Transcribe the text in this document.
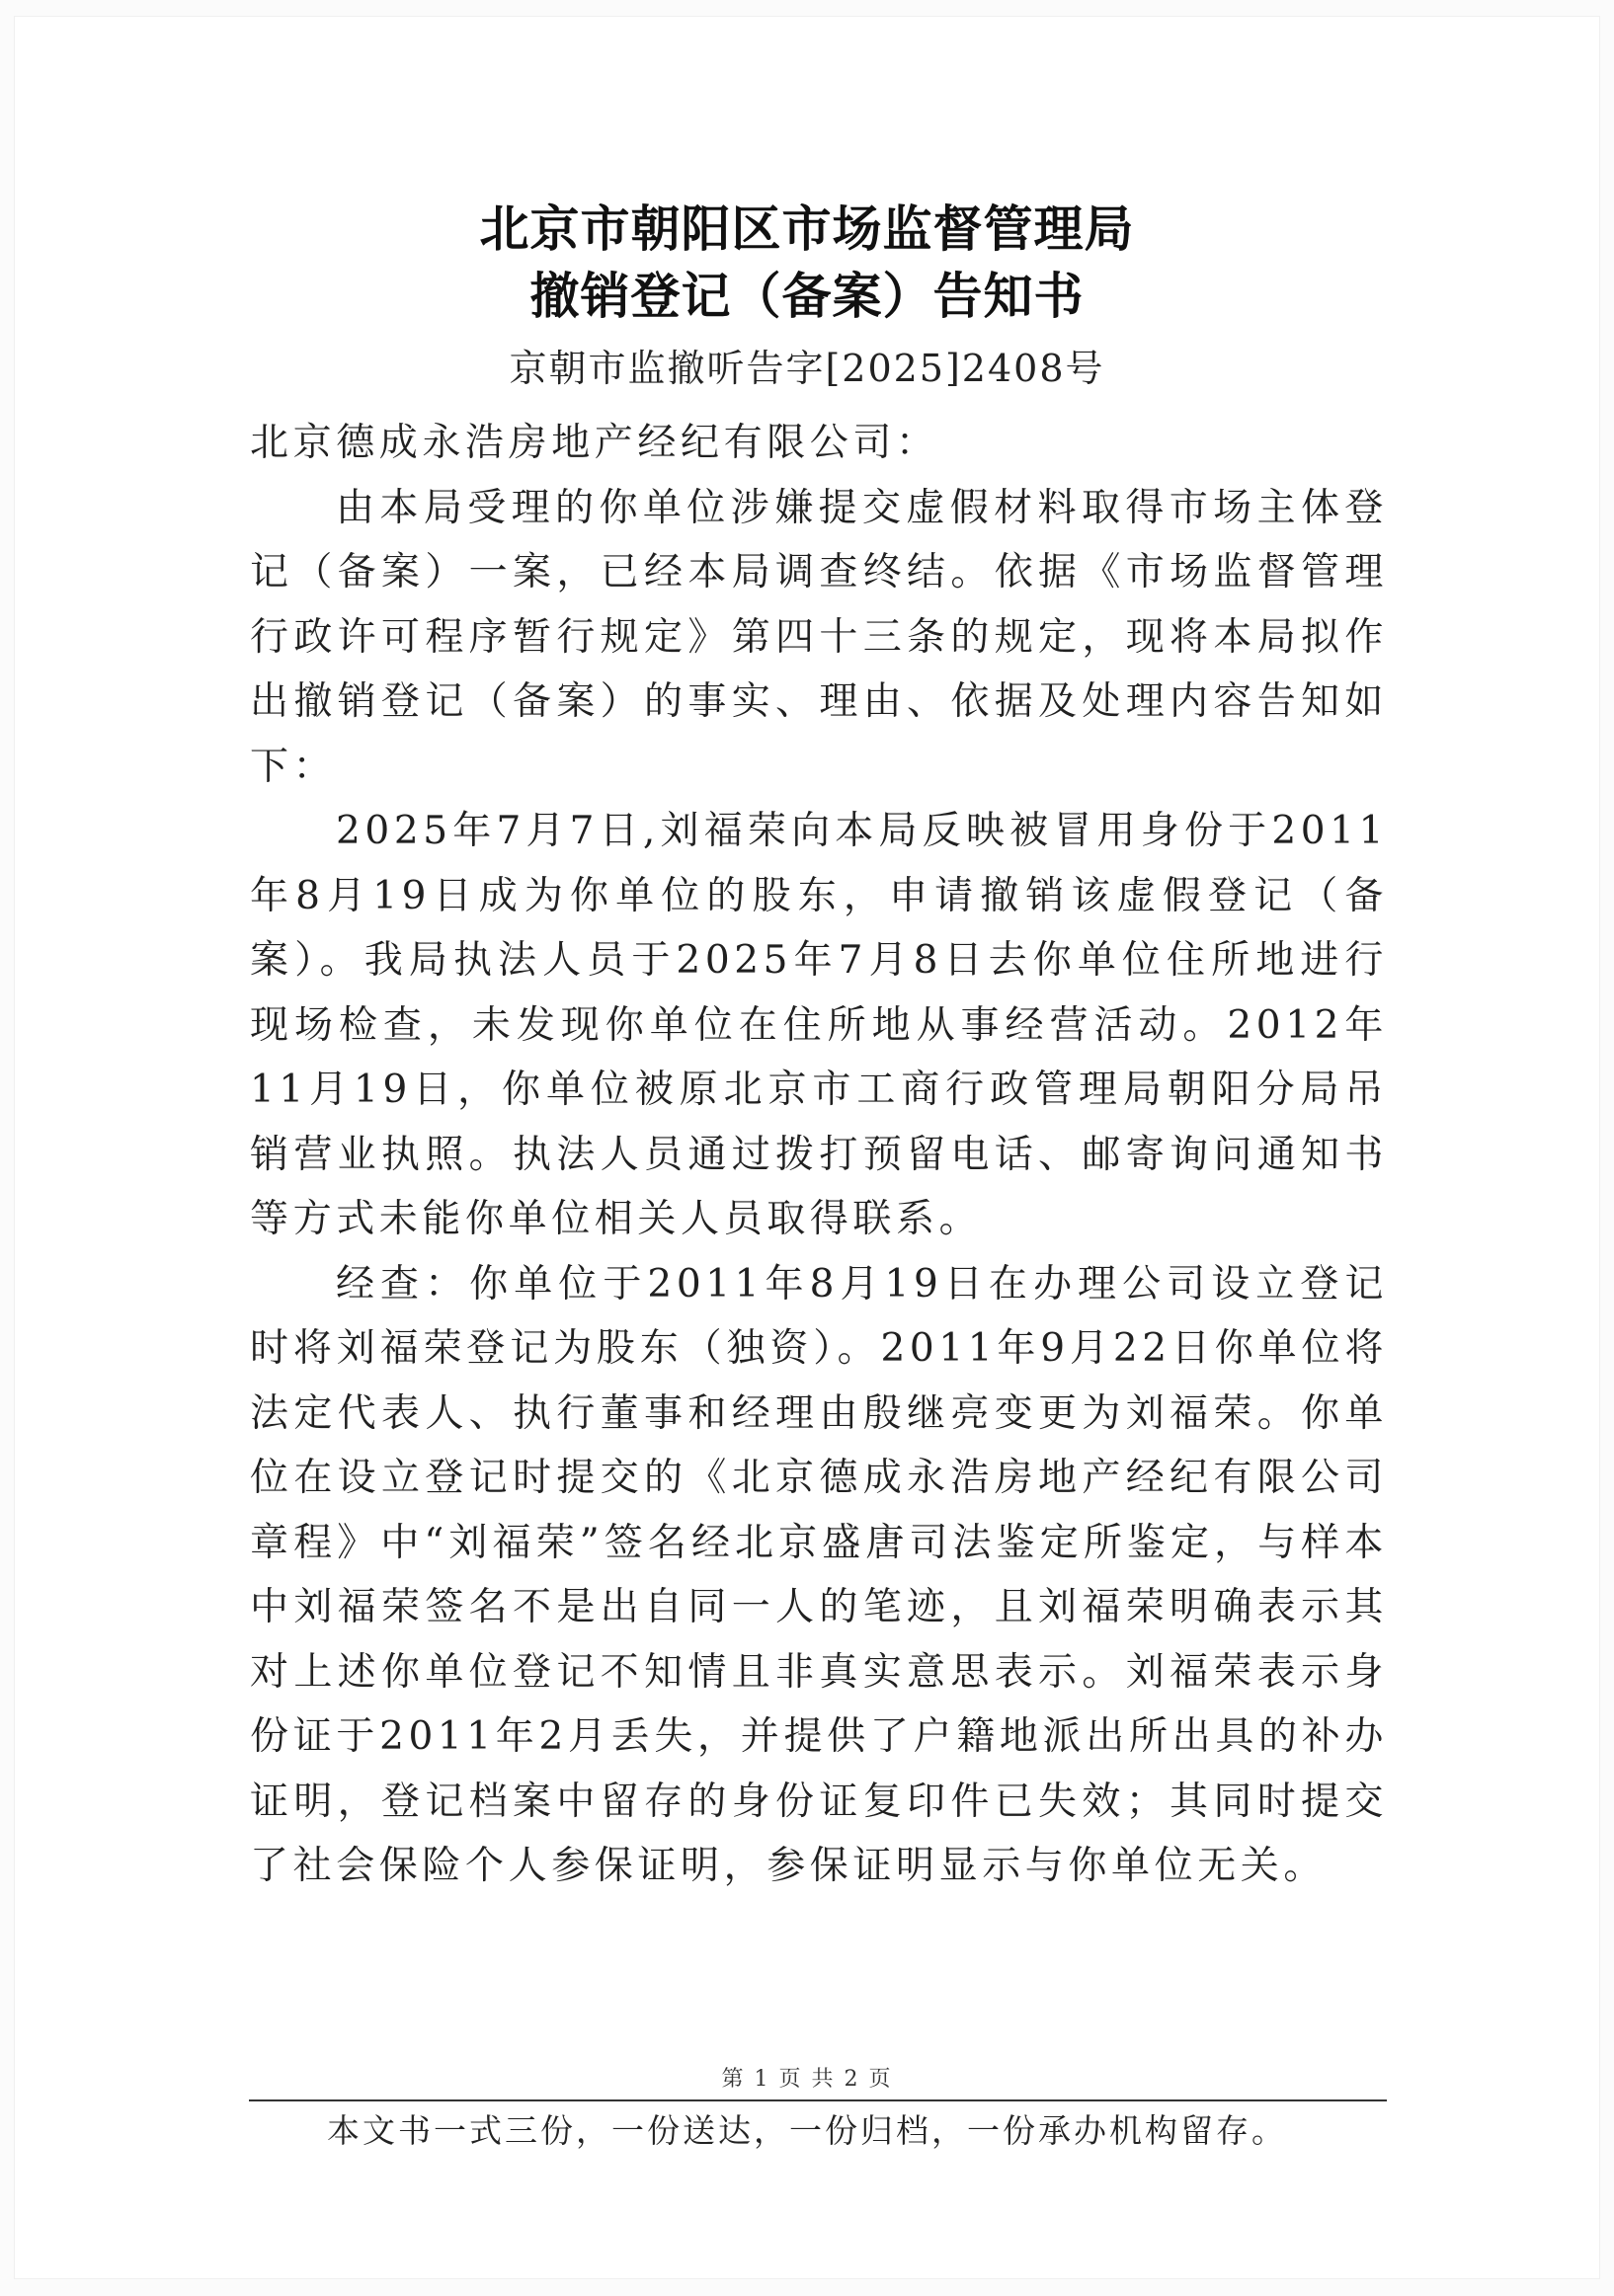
北京市朝阳区市场监督管理局
撤销登记（备案）告知书
京朝市监撤听告字[2025]2408号

北京德成永浩房地产经纪有限公司：

由本局受理的你单位涉嫌提交虚假材料取得市场主体登记（备案）一案，已经本局调查终结。依据《市场监督管理行政许可程序暂行规定》第四十三条的规定，现将本局拟作出撤销登记（备案）的事实、理由、依据及处理内容告知如下：

2025年7月7日,刘福荣向本局反映被冒用身份于2011年8月19日成为你单位的股东，申请撤销该虚假登记（备案）。我局执法人员于2025年7月8日去你单位住所地进行现场检查，未发现你单位在住所地从事经营活动。2012年11月19日，你单位被原北京市工商行政管理局朝阳分局吊销营业执照。执法人员通过拨打预留电话、邮寄询问通知书等方式未能你单位相关人员取得联系。

经查：你单位于2011年8月19日在办理公司设立登记时将刘福荣登记为股东（独资）。2011年9月22日你单位将法定代表人、执行董事和经理由殷继亮变更为刘福荣。你单位在设立登记时提交的《北京德成永浩房地产经纪有限公司章程》中“刘福荣”签名经北京盛唐司法鉴定所鉴定，与样本中刘福荣签名不是出自同一人的笔迹，且刘福荣明确表示其对上述你单位登记不知情且非真实意思表示。刘福荣表示身份证于2011年2月丢失，并提供了户籍地派出所出具的补办证明，登记档案中留存的身份证复印件已失效；其同时提交了社会保险个人参保证明，参保证明显示与你单位无关。

第 1 页 共 2 页
本文书一式三份，一份送达，一份归档，一份承办机构留存。
